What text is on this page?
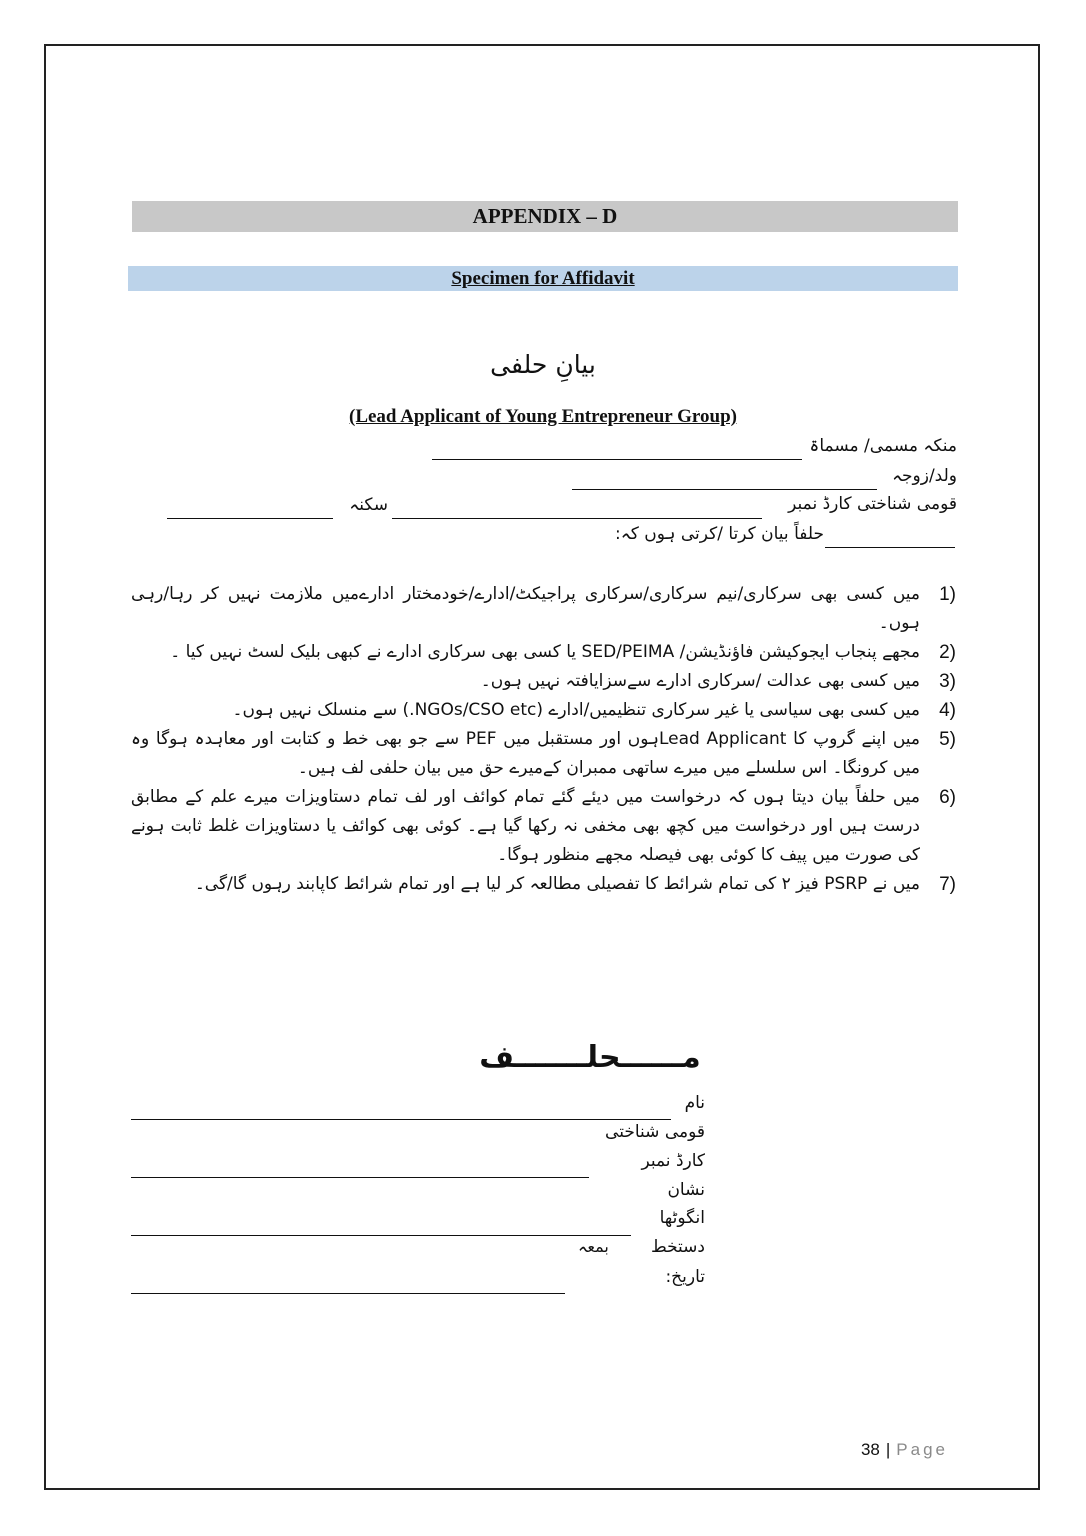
APPENDIX – D
Specimen for Affidavit
بیانِ حلفی
(Lead Applicant of Young Entrepreneur Group)
منکہ مسمی/ مسماۃ
ولد/زوجہ
قومی شناختی کارڈ نمبر
سکنہ
حلفاً بیان کرتا /کرتی ہوں کہ:
1)
میں کسی بھی سرکاری/نیم سرکاری/سرکاری پراجیکٹ/ادارے/خودمختار ادارےمیں ملازمت نہیں کر رہا/رہی ہوں۔
2)
مجھے پنجاب ایجوکیشن فاؤنڈیشن/ SED/PEIMA یا کسی بھی سرکاری ادارے نے کبھی بلیک لسٹ نہیں کیا ۔
3)
میں کسی بھی عدالت /سرکاری ادارے سےسزایافتہ نہیں ہوں۔
4)
میں کسی بھی سیاسی یا غیر سرکاری تنظیمیں/ادارے (NGOs/CSO etc.) سے منسلک نہیں ہوں۔
5)
میں اپنے گروپ کا Lead Applicantہوں اور مستقبل میں PEF سے جو بھی خط و کتابت اور معاہدہ ہوگا وہ میں کرونگا۔ اس سلسلے میں میرے ساتھی ممبران کےمیرے حق میں بیان حلفی لف ہیں۔
6)
میں حلفاً بیان دیتا ہوں کہ درخواست میں دیئے گئے تمام کوائف اور لف تمام دستاویزات میرے علم کے مطابق درست ہیں اور درخواست میں کچھ بھی مخفی نہ رکھا گیا ہے۔ کوئی بھی کوائف یا دستاویزات غلط ثابت ہونے کی صورت میں پیف کا کوئی بھی فیصلہ مجھے منظور ہوگا۔
7)
میں نے PSRP فیز ۲ کی تمام شرائط کا تفصیلی مطالعہ کر لیا ہے اور تمام شرائط کاپابند رہوں گا/گی۔
مــــــحلـــــــف
نام
قومی شناختی
کارڈ نمبر
نشان
انگوٹھا
دستخط
بمعہ
تاریخ:
38 | Page
